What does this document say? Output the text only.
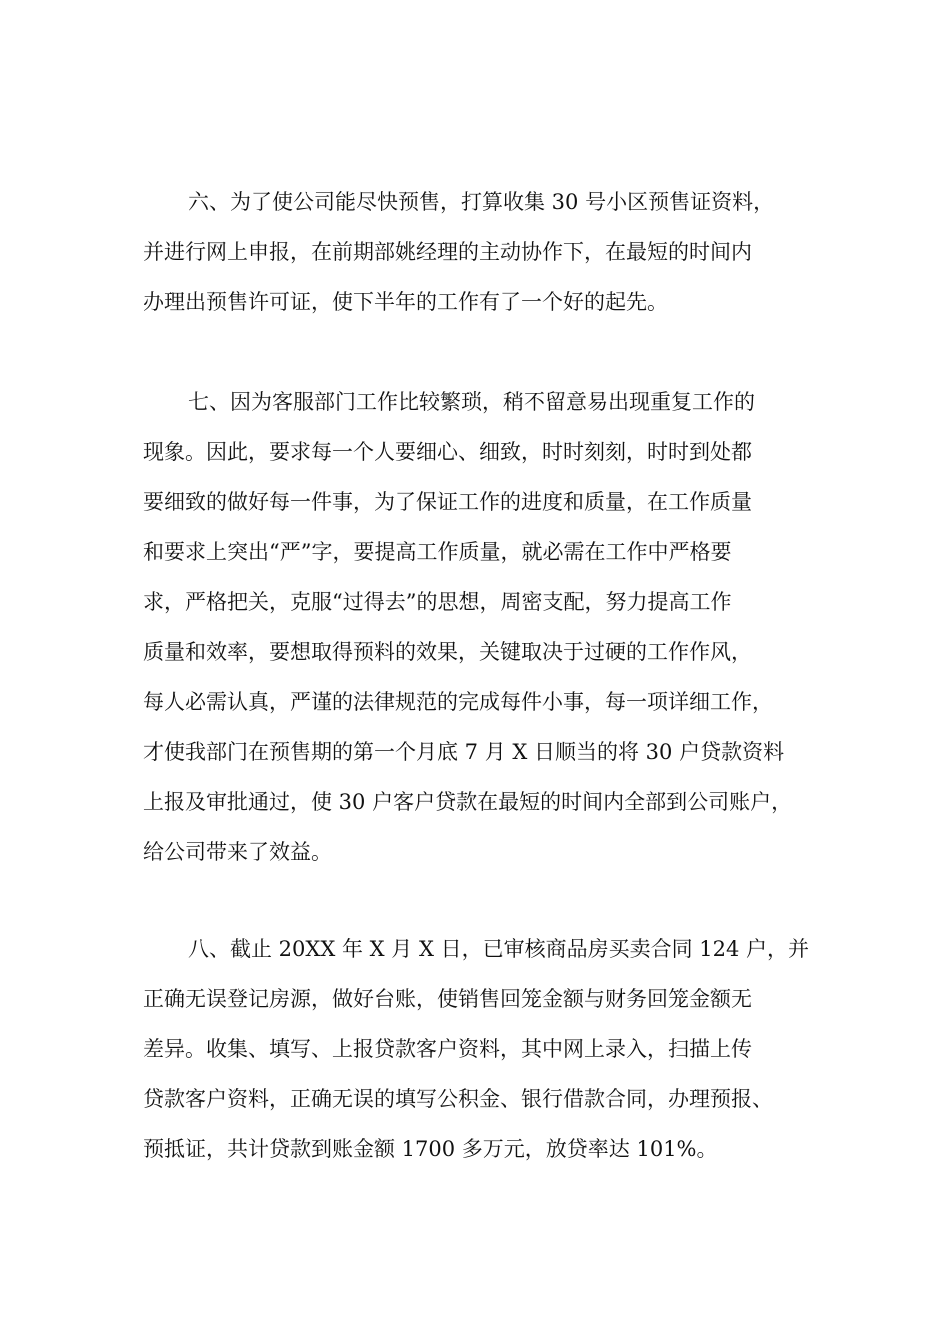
六、为了使公司能尽快预售，打算收集 30 号小区预售证资料，
并进行网上申报，在前期部姚经理的主动协作下，在最短的时间内
办理出预售许可证，使下半年的工作有了一个好的起先。
七、因为客服部门工作比较繁琐，稍不留意易出现重复工作的
现象。因此，要求每一个人要细心、细致，时时刻刻，时时到处都
要细致的做好每一件事，为了保证工作的进度和质量，在工作质量
和要求上突出“严”字，要提高工作质量，就必需在工作中严格要
求，严格把关，克服“过得去”的思想，周密支配，努力提高工作
质量和效率，要想取得预料的效果，关键取决于过硬的工作作风，
每人必需认真，严谨的法律规范的完成每件小事，每一项详细工作，
才使我部门在预售期的第一个月底 7 月 X 日顺当的将 30 户贷款资料
上报及审批通过，使 30 户客户贷款在最短的时间内全部到公司账户，
给公司带来了效益。
八、截止 20XX 年 X 月 X 日，已审核商品房买卖合同 124 户，并
正确无误登记房源，做好台账，使销售回笼金额与财务回笼金额无
差异。收集、填写、上报贷款客户资料，其中网上录入，扫描上传
贷款客户资料，正确无误的填写公积金、银行借款合同，办理预报、
预抵证，共计贷款到账金额 1700 多万元，放贷率达 101%。
